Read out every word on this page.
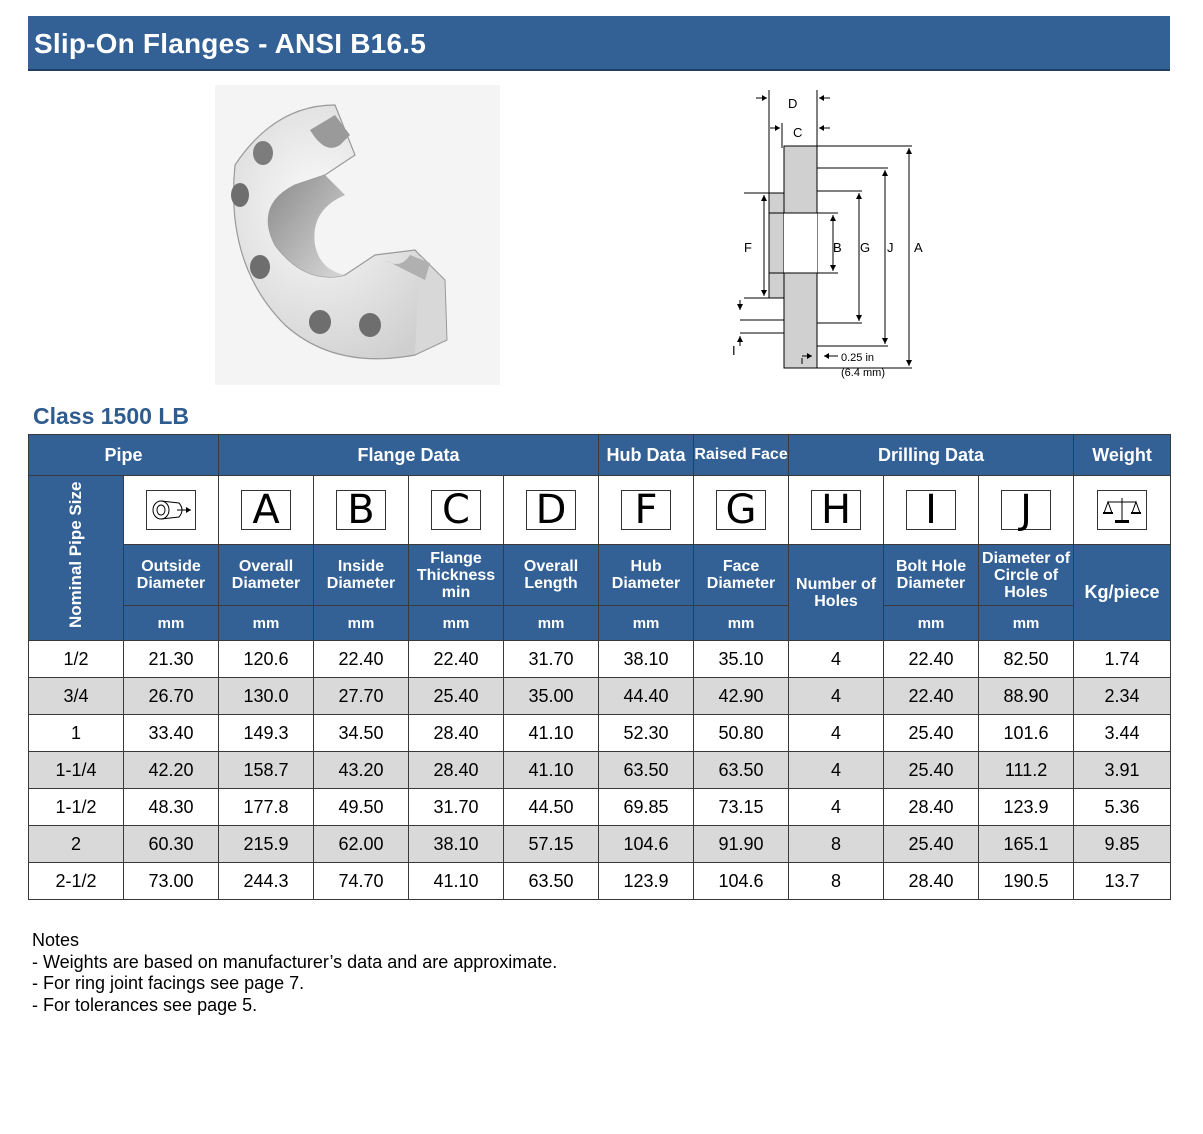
Slip-On Flanges - ANSI B16.5
D
C
F	B G J A
I	0.25 in
(6.4 mm)
Class 1500 LB
Pipe		Flange Data				Hub Data	Raised Face	Drilling Data			Weight

Nominal Pipe Size		A	B	C	D	F	G	H	I	J	
	Outside Diameter	Overall Diameter	Inside Diameter	Flange Thickness min	Overall Length	Hub Diameter	Face Diameter	Number of Holes	Bolt Hole Diameter	Diameter of Circle of Holes	Kg/piece
	mm	mm	mm	mm	mm	mm	mm		mm	mm	
1/2	21.30	120.6	22.40	22.40	31.70	38.10	35.10	4	22.40	82.50	1.74
3/4	26.70	130.0	27.70	25.40	35.00	44.40	42.90	4	22.40	88.90	2.34
1	33.40	149.3	34.50	28.40	41.10	52.30	50.80	4	25.40	101.6	3.44
1-1/4	42.20	158.7	43.20	28.40	41.10	63.50	63.50	4	25.40	111.2	3.91
1-1/2	48.30	177.8	49.50	31.70	44.50	69.85	73.15	4	28.40	123.9	5.36
2	60.30	215.9	62.00	38.10	57.15	104.6	91.90	8	25.40	165.1	9.85
2-1/2	73.00	244.3	74.70	41.10	63.50	123.9	104.6	8	28.40	190.5	13.7
Notes
- Weights are based on manufacturer’s data and are approximate.
- For ring joint facings see page 7.
- For tolerances see page 5.
